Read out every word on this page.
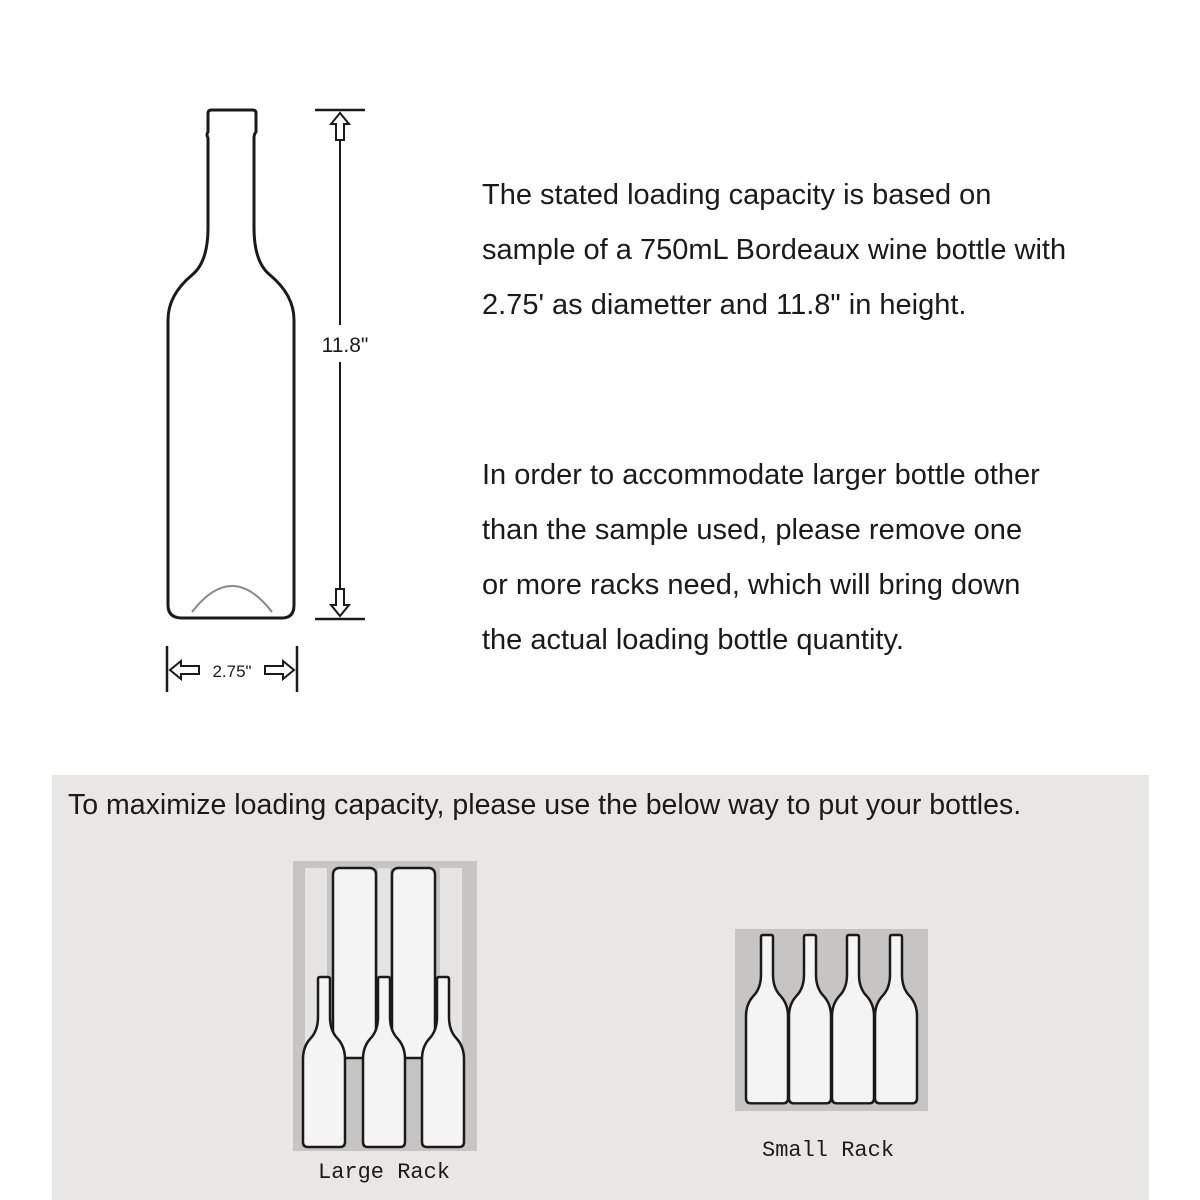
11.8"
2.75"

The stated loading capacity is based on
sample of a 750mL Bordeaux wine bottle with
2.75' as diametter and 11.8" in height.

In order to accommodate larger bottle other
than the sample used, please remove one
or more racks need, which will bring down
the actual loading bottle quantity.

To maximize loading capacity, please use the below way to put your bottles.

Large Rack

Small Rack
